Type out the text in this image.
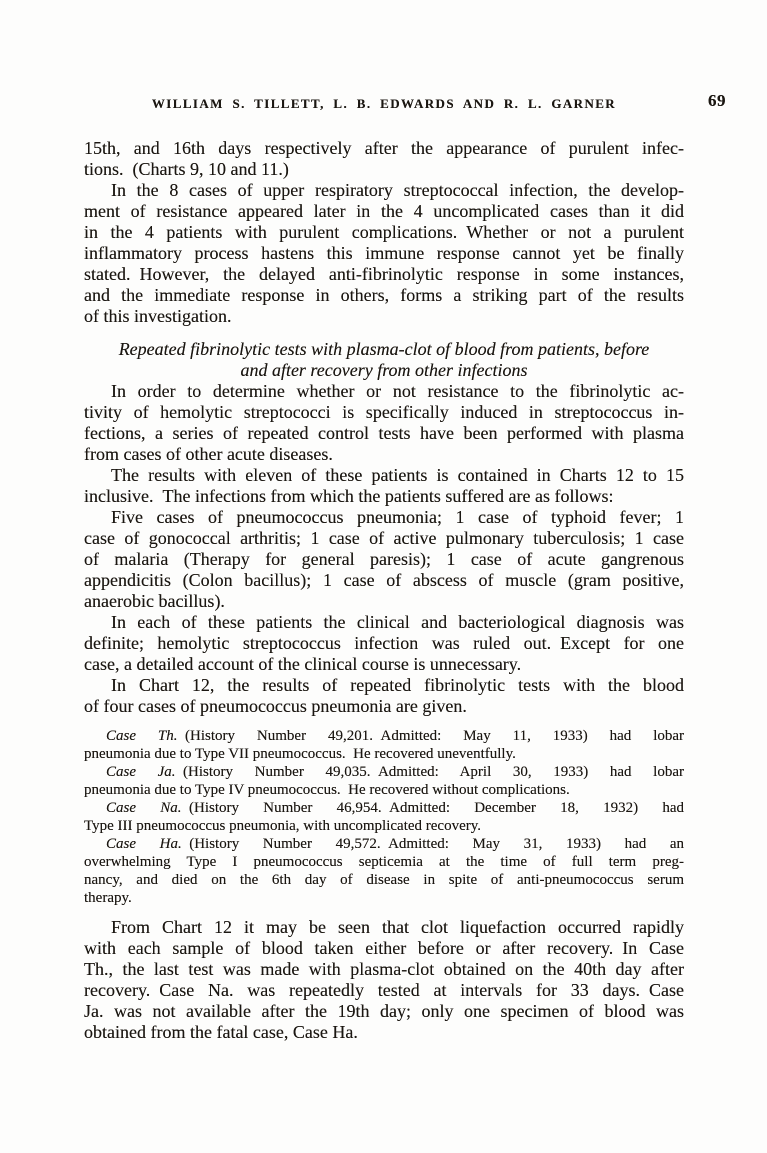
WILLIAM S. TILLETT, L. B. EDWARDS AND R. L. GARNER	69
15th, and 16th days respectively after the appearance of purulent infec-
tions. (Charts 9, 10 and 11.)
In the 8 cases of upper respiratory streptococcal infection, the develop-
ment of resistance appeared later in the 4 uncomplicated cases than it did
in the 4 patients with purulent complications. Whether or not a purulent
inflammatory process hastens this immune response cannot yet be finally
stated. However, the delayed anti-fibrinolytic response in some instances,
and the immediate response in others, forms a striking part of the results
of this investigation.
Repeated fibrinolytic tests with plasma-clot of blood from patients, before
and after recovery from other infections
In order to determine whether or not resistance to the fibrinolytic ac-
tivity of hemolytic streptococci is specifically induced in streptococcus in-
fections, a series of repeated control tests have been performed with plasma
from cases of other acute diseases.
The results with eleven of these patients is contained in Charts 12 to 15
inclusive. The infections from which the patients suffered are as follows:
Five cases of pneumococcus pneumonia; 1 case of typhoid fever; 1
case of gonococcal arthritis; 1 case of active pulmonary tuberculosis; 1 case
of malaria (Therapy for general paresis); 1 case of acute gangrenous
appendicitis (Colon bacillus); 1 case of abscess of muscle (gram positive,
anaerobic bacillus).
In each of these patients the clinical and bacteriological diagnosis was
definite; hemolytic streptococcus infection was ruled out. Except for one
case, a detailed account of the clinical course is unnecessary.
In Chart 12, the results of repeated fibrinolytic tests with the blood
of four cases of pneumococcus pneumonia are given.
Case Th.  (History Number 49,201. Admitted: May 11, 1933) had lobar
pneumonia due to Type VII pneumococcus. He recovered uneventfully.
Case Ja.  (History Number 49,035. Admitted: April 30, 1933) had lobar
pneumonia due to Type IV pneumococcus. He recovered without complications.
Case Na.  (History Number 46,954. Admitted: December 18, 1932) had
Type III pneumococcus pneumonia, with uncomplicated recovery.
Case Ha.  (History Number 49,572. Admitted: May 31, 1933) had an
overwhelming Type I pneumococcus septicemia at the time of full term preg-
nancy, and died on the 6th day of disease in spite of anti-pneumococcus serum
therapy.
From Chart 12 it may be seen that clot liquefaction occurred rapidly
with each sample of blood taken either before or after recovery. In Case
Th., the last test was made with plasma-clot obtained on the 40th day after
recovery. Case Na. was repeatedly tested at intervals for 33 days. Case
Ja. was not available after the 19th day; only one specimen of blood was
obtained from the fatal case, Case Ha.
